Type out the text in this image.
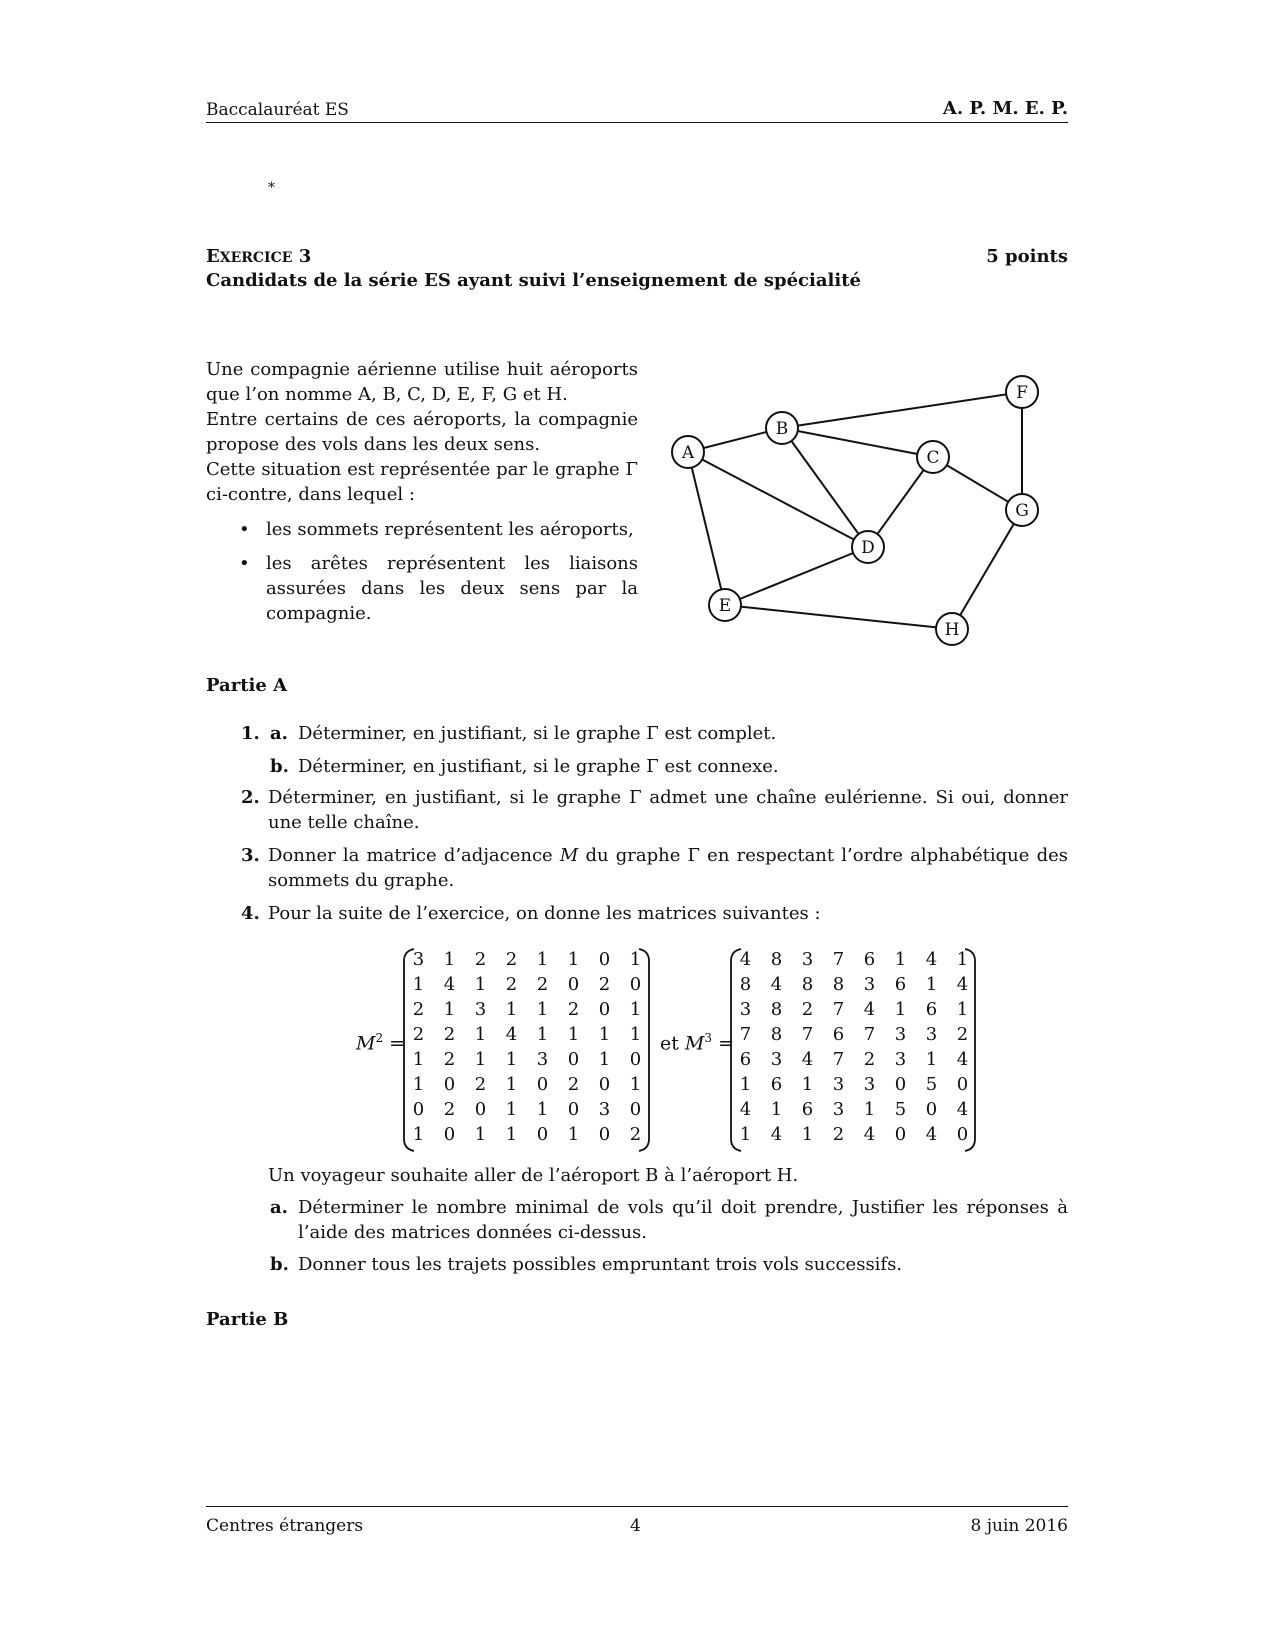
Baccalauréat ES	A. P. M. E. P.
*
EXERCICE 3	5 points
Candidats de la série ES ayant suivi l’enseignement de spécialité

Une compagnie aérienne utilise huit aéroports que l’on nomme A, B, C, D, E, F, G et H.

Entre certains de ces aéroports, la compagnie propose des vols dans les deux sens.

Cette situation est représentée par le graphe Γ ci-contre, dans lequel :

• les sommets représentent les aéroports,

• les arêtes représentent les liaisons assurées dans les deux sens par la compagnie.

A
B
C
D
E
F
G
H
Partie A
1. a. Déterminer, en justifiant, si le graphe Γ est complet.
b. Déterminer, en justifiant, si le graphe Γ est connexe.
2. Déterminer, en justifiant, si le graphe Γ admet une chaîne eulérienne. Si oui, donner une telle chaîne.
3. Donner la matrice d’adjacence M du graphe Γ en respectant l’ordre alphabétique des sommets du graphe.
4. Pour la suite de l’exercice, on donne les matrices suivantes :
$M^2$ =
3	1	2	2	1	1	0	1
1	4	1	2	2	0	2	0
2	1	3	1	1	2	0	1
2	2	1	4	1	1	1	1
1	2	1	1	3	0	1	0
1	0	2	1	0	2	0	1
0	2	0	1	1	0	3	0
1	0	1	1	0	1	0	2
et $M^3$ =
4	8	3	7	6	1	4	1
8	4	8	8	3	6	1	4
3	8	2	7	4	1	6	1
7	8	7	6	7	3	3	2
6	3	4	7	2	3	1	4
1	6	1	3	3	0	5	0
4	1	6	3	1	5	0	4
1	4	1	2	4	0	4	0
Un voyageur souhaite aller de l’aéroport B à l’aéroport H.
a. Déterminer le nombre minimal de vols qu’il doit prendre, Justifier les réponses à l’aide des matrices données ci-dessus.
b. Donner tous les trajets possibles empruntant trois vols successifs.
Partie B
Centres étrangers	4	8 juin 2016
